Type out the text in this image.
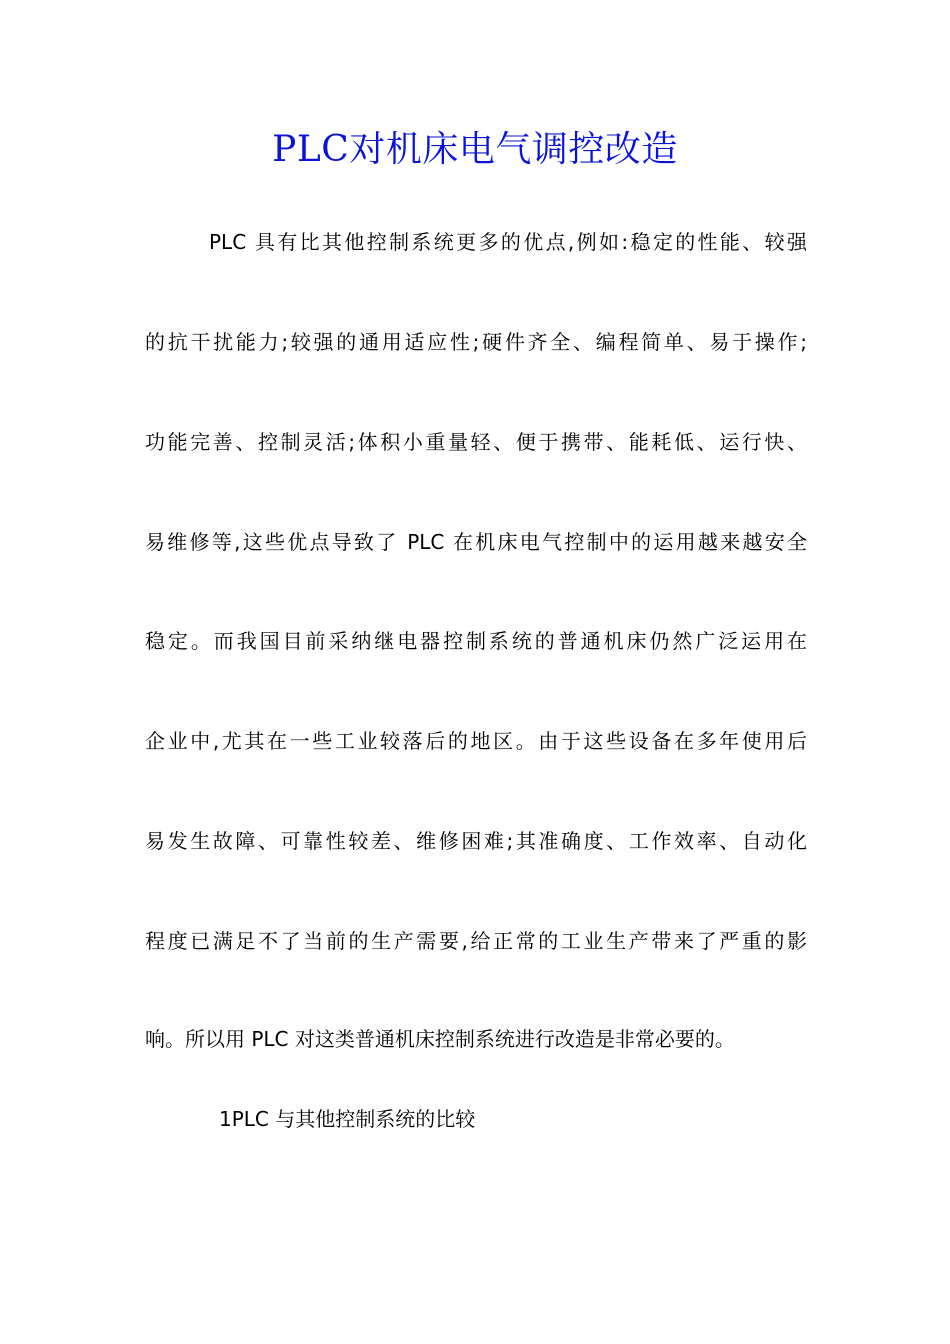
PLC对机床电气调控改造
PLC 具有比其他控制系统更多的优点,例如:稳定的性能、较强
的抗干扰能力;较强的通用适应性;硬件齐全、编程简单、易于操作;
功能完善、控制灵活;体积小重量轻、便于携带、能耗低、运行快、
易维修等,这些优点导致了 PLC 在机床电气控制中的运用越来越安全
稳定。而我国目前采纳继电器控制系统的普通机床仍然广泛运用在
企业中,尤其在一些工业较落后的地区。由于这些设备在多年使用后
易发生故障、可靠性较差、维修困难;其准确度、工作效率、自动化
程度已满足不了当前的生产需要,给正常的工业生产带来了严重的影
响。所以用 PLC 对这类普通机床控制系统进行改造是非常必要的。
1PLC 与其他控制系统的比较
